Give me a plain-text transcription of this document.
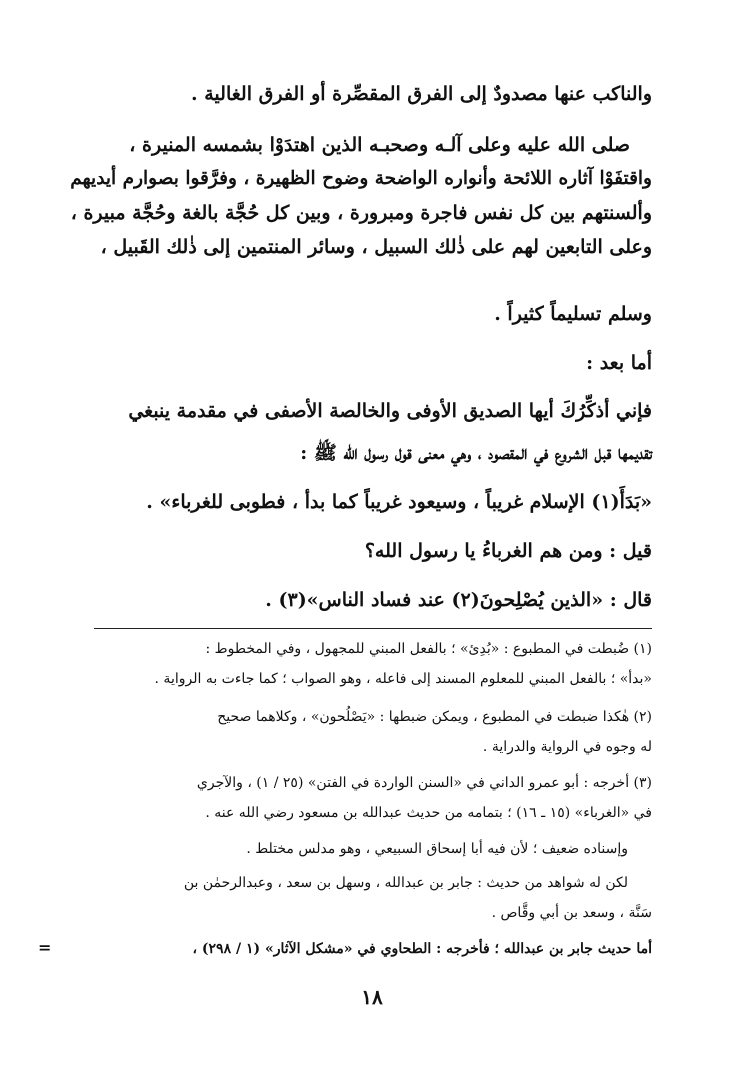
والناكب عنها مصدودٌ إلى الفرق المقصِّرة أو الفرق الغالية .
صلى الله عليه وعلى آلـه وصحبـه الذين اهتدَوْا بشمسه المنيرة ،
واقتفَوْا آثاره اللائحة وأنواره الواضحة وضوح الظهيرة ، وفرَّقوا بصوارم أيديهم
وألسنتهم بين كل نفس فاجرة ومبرورة ، وبين كل حُجَّة بالغة وحُجَّة مبيرة ،
وعلى التابعين لهم على ذٰلك السبيل ، وسائر المنتمين إلى ذٰلك القَبيل ،
وسلم تسليماً كثيراً .
أما بعد :
فإني أذكِّرُكَ أيها الصديق الأوفى والخالصة الأصفى في مقدمة ينبغي
تقديمها قبل الشروع في المقصود ، وهي معنى قول رسول الله ﷺ :
«بَدَأَ(١) الإسلام غريباً ، وسيعود غريباً كما بدأ ، فطوبى للغرباء» .
قيل : ومن هم الغرباءُ يا رسول الله؟
قال : «الذين يُصْلِحونَ(٢) عند فساد الناس»(٣) .
(١) ضُبطت في المطبوع : «بُدِئ» ؛ بالفعل المبني للمجهول ، وفي المخطوط :
«بدأ» ؛ بالفعل المبني للمعلوم المسند إلى فاعله ، وهو الصواب ؛ كما جاءت به الرواية .
(٢) هٰكذا ضبطت في المطبوع ، ويمكن ضبطها : «يَصْلُحون» ، وكلاهما صحيح
له وجوه في الرواية والدراية .
(٣) أخرجه : أبو عمرو الداني في «السنن الواردة في الفتن» (٢٥ / ١) ، والآجري
في «الغرباء» (١٥ ـ ١٦) ؛ بتمامه من حديث عبدالله بن مسعود رضي الله عنه .
وإسناده ضعيف ؛ لأن فيه أبا إسحاق السبيعي ، وهو مدلس مختلط .
لكن له شواهد من حديث : جابر بن عبدالله ، وسهل بن سعد ، وعبدالرحمٰن بن
سَنَّة ، وسعد بن أبي وقَّاص .
أما حديث جابر بن عبدالله ؛ فأخرجه : الطحاوي في «مشكل الآثار» (١ / ٢٩٨) ،
=
١٨
